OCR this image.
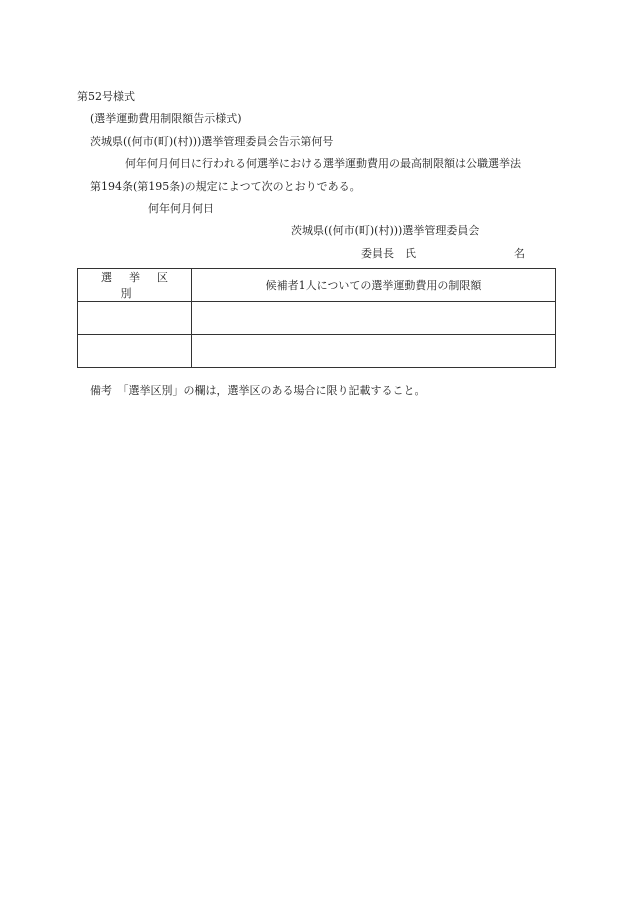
第52号様式
(選挙運動費用制限額告示様式)
茨城県((何市(町)(村)))選挙管理委員会告示第何号
何年何月何日に行われる何選挙における選挙運動費用の最高制限額は公職選挙法
第194条(第195条)の規定によつて次のとおりである。
何年何月何日
茨城県((何市(町)(村)))選挙管理委員会
委員長　氏	名
選挙区別	候補者1人についての選挙運動費用の制限額

備考　「選挙区別」の欄は，選挙区のある場合に限り記載すること。
